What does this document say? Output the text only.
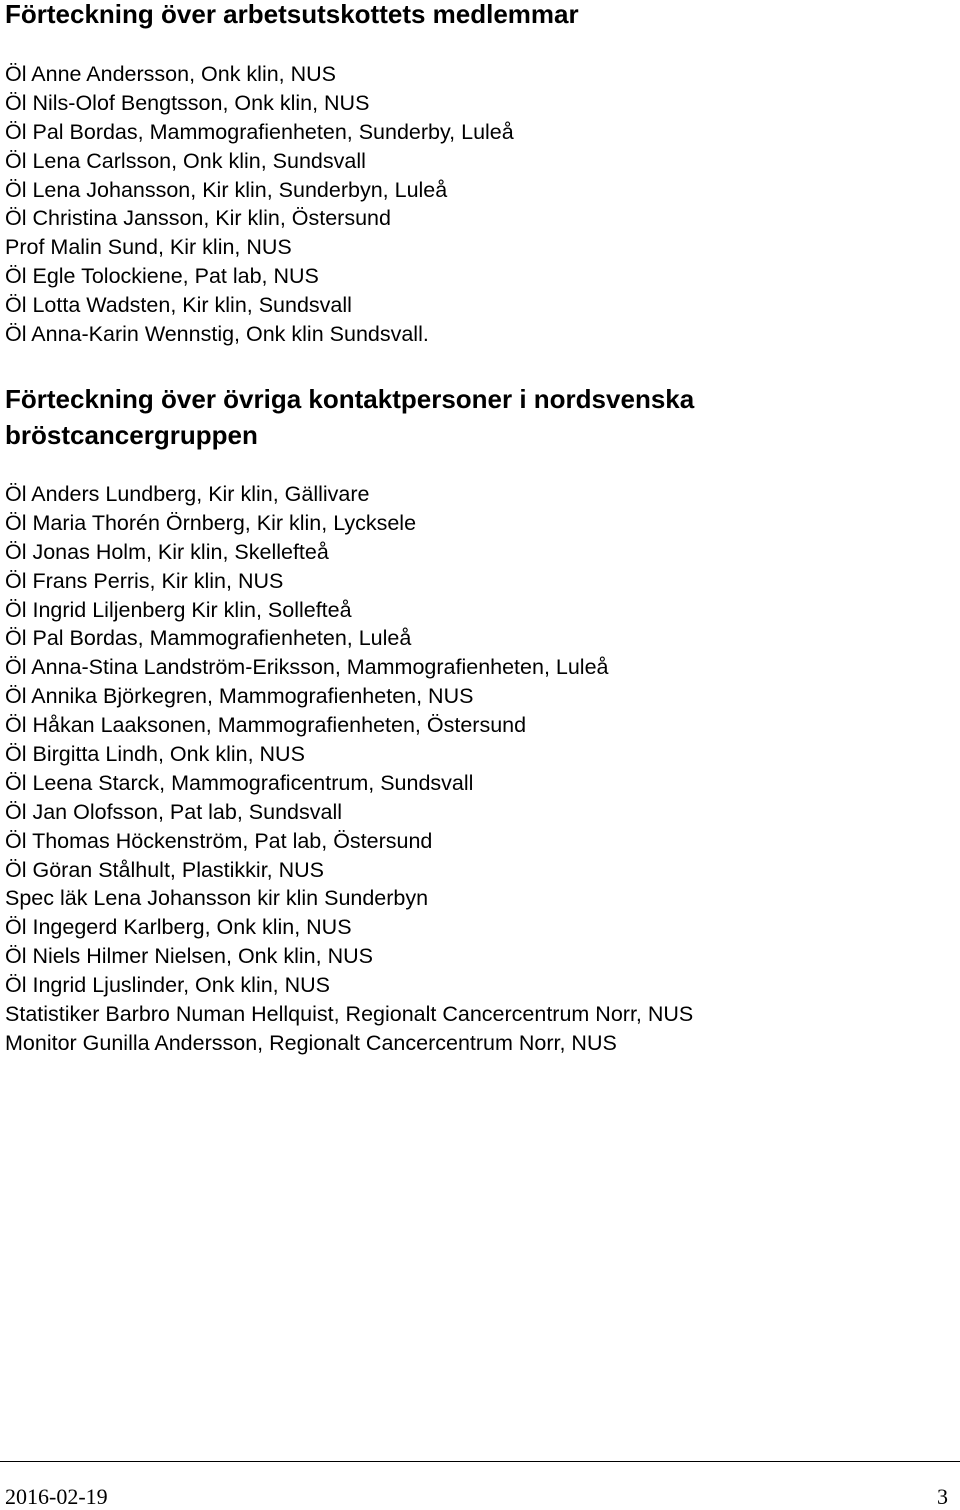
Förteckning över arbetsutskottets medlemmar
Öl Anne Andersson, Onk klin, NUS
Öl Nils-Olof Bengtsson, Onk klin, NUS
Öl Pal Bordas, Mammografienheten, Sunderby, Luleå
Öl Lena Carlsson, Onk klin, Sundsvall
Öl Lena Johansson, Kir klin, Sunderbyn, Luleå
Öl Christina Jansson, Kir klin, Östersund
Prof Malin Sund, Kir klin, NUS
Öl Egle Tolockiene, Pat lab, NUS
Öl Lotta Wadsten, Kir klin, Sundsvall
Öl Anna-Karin Wennstig, Onk klin Sundsvall.
Förteckning över övriga kontaktpersoner i nordsvenska bröstcancergruppen
Öl Anders Lundberg, Kir klin, Gällivare
Öl Maria Thorén Örnberg, Kir klin, Lycksele
Öl Jonas Holm, Kir klin, Skellefteå
Öl Frans Perris, Kir klin, NUS
Öl Ingrid Liljenberg Kir klin, Sollefteå
Öl Pal Bordas, Mammografienheten, Luleå
Öl Anna-Stina Landström-Eriksson, Mammografienheten, Luleå
Öl Annika Björkegren, Mammografienheten, NUS
Öl Håkan Laaksonen, Mammografienheten, Östersund
Öl Birgitta Lindh, Onk klin, NUS
Öl Leena Starck, Mammograficentrum, Sundsvall
Öl Jan Olofsson, Pat lab, Sundsvall
Öl Thomas Höckenström, Pat lab, Östersund
Öl Göran Stålhult, Plastikkir, NUS
Spec läk Lena Johansson kir klin Sunderbyn
Öl Ingegerd Karlberg, Onk klin, NUS
Öl Niels Hilmer Nielsen, Onk klin, NUS
Öl Ingrid Ljuslinder, Onk klin, NUS
Statistiker Barbro Numan Hellquist, Regionalt Cancercentrum Norr, NUS
Monitor Gunilla Andersson, Regionalt Cancercentrum Norr, NUS
2016-02-19	3
